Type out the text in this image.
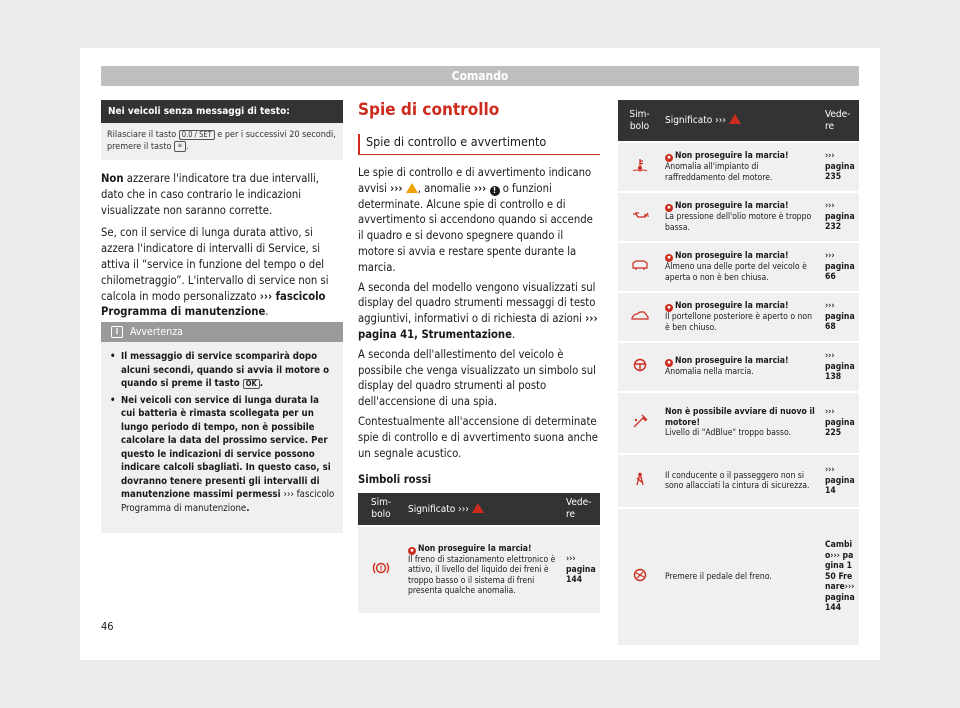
Comando
Nei veicoli senza messaggi di testo:
Rilasciare il tasto 0.0 / SET e per i successivi 20 secondi, premere il tasto ≡ .

Non azzerare l'indicatore tra due intervalli, dato che in caso contrario le indicazioni visualizzate non saranno corrette.

Se, con il service di lunga durata attivo, si azzera l'indicatore di intervalli di Service, si attiva il “service in funzione del tempo o del chilometraggio”. L'intervallo di service non si calcola in modo personalizzato ››› fascicolo Programma di manutenzione.

i	Avvertenza

• Il messaggio di service scomparirà dopo alcuni secondi, quando si avvia il motore o quando si preme il tasto OK .

• Nei veicoli con service di lunga durata la cui batteria è rimasta scollegata per un lungo periodo di tempo, non è possibile calcolare la data del prossimo service. Per questo le indicazioni di service possono indicare calcoli sbagliati. In questo caso, si dovranno tenere presenti gli intervalli di manutenzione massimi permessi ››› fascicolo Programma di manutenzione.

Spie di controllo
Spie di controllo e avvertimento

Le spie di controllo e di avvertimento indicano avvisi ››› , anomalie ››› ! o funzioni determinate. Alcune spie di controllo e di avvertimento si accendono quando si accende il quadro e si devono spegnere quando il motore si avvia e restare spente durante la marcia.

A seconda del modello vengono visualizzati sul display del quadro strumenti messaggi di testo aggiuntivi, informativi o di richiesta di azioni ››› pagina 41, Strumentazione.

A seconda dell'allestimento del veicolo è possibile che venga visualizzato un simbolo sul display del quadro strumenti al posto dell'accensione di una spia.

Contestualmente all'accensione di determinate spie di controllo e di avvertimento suona anche un segnale acustico.

Simboli rossi
Sim-bolo	Significato ›››	Vede-re

!	⏹ Non proseguire la marcia!
Il freno di stazionamento elettronico è attivo, il livello del liquido dei freni è troppo basso o il sistema di freni presenta qualche anomalia.	››› pagina 144
Sim-bolo	Significato ›››	Vede-re
	⏹ Non proseguire la marcia!
Anomalia all'impianto di raffreddamento del motore.	››› pagina 235
	⏹ Non proseguire la marcia!
La pressione dell'olio motore è troppo bassa.	››› pagina 232
	⏹ Non proseguire la marcia!
Almeno una delle porte del veicolo è aperta o non è ben chiusa.	››› pagina 66
	⏹ Non proseguire la marcia!
Il portellone posteriore è aperto o non è ben chiuso.	››› pagina 68
	⏹ Non proseguire la marcia!
Anomalia nella marcia.	››› pagina 138
	Non è possibile avviare di nuovo il motore!
Livello di "AdBlue" troppo basso.	››› pagina 225
	Il conducente o il passeggero non si sono allacciati la cintura di sicurezza.	››› pagina 14
	Premere il pedale del freno.	Cambio››› pagina 150 Frenare››› pagina 144
46
